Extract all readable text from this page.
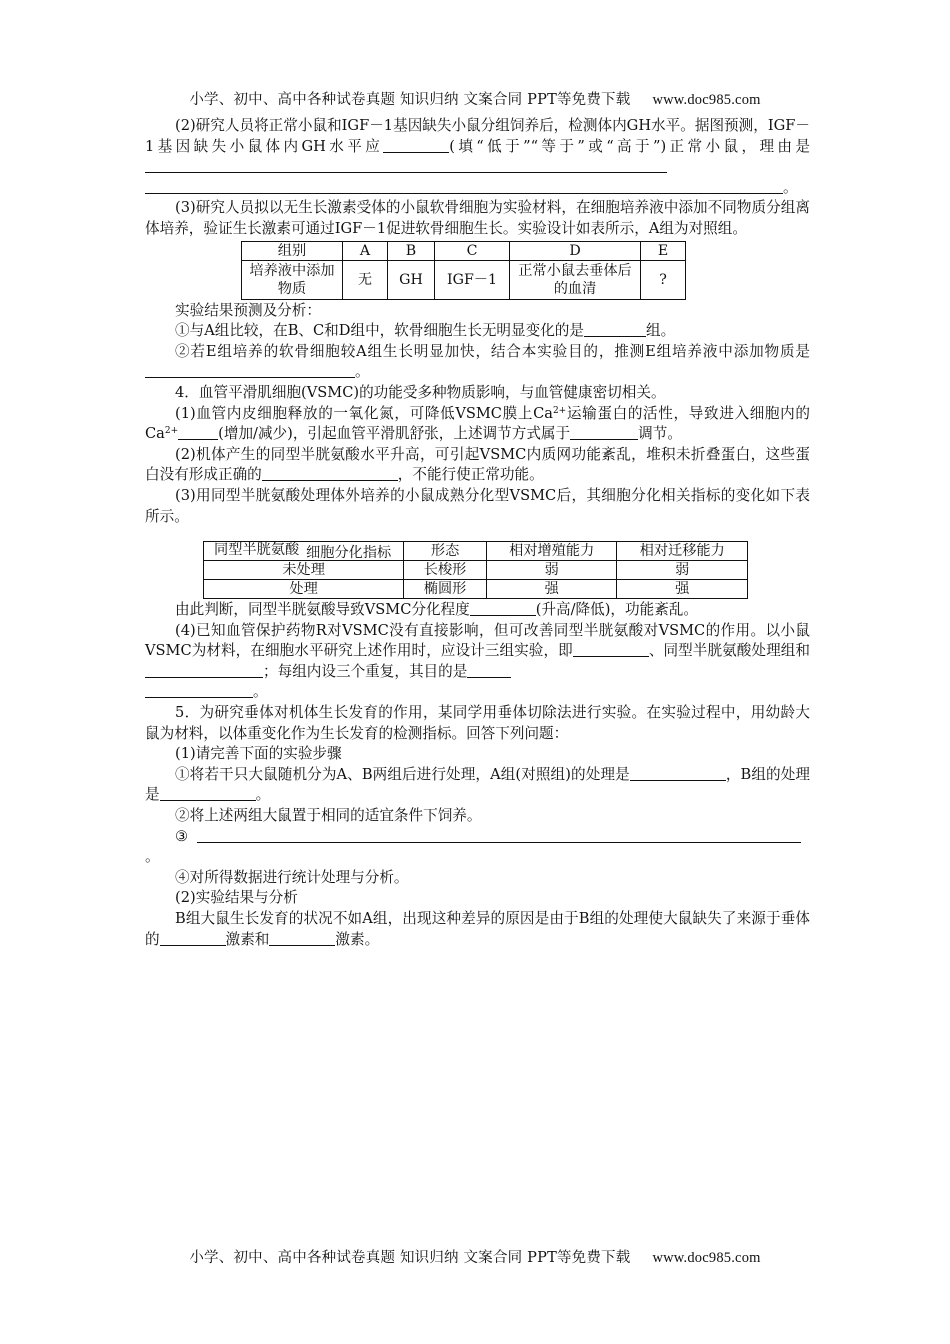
小学、初中、高中各种试卷真题 知识归纳 文案合同 PPT等免费下载 www.doc985.com

(2)研究人员将正常小鼠和IGF－1基因缺失小鼠分组饲养后，检测体内GH水平。据图预测，IGF－1基因缺失小鼠体内GH水平应	(填“低于”“等于”或“高于”)正常小鼠，理由是
。

(3)研究人员拟以无生长激素受体的小鼠软骨细胞为实验材料，在细胞培养液中添加不同物质分组离体培养，验证生长激素可通过IGF－1促进软骨细胞生长。实验设计如表所示，A组为对照组。

组别	A	B	C	D	E
培养液中添加物质	无	GH	IGF－1	正常小鼠去垂体后的血清	?

实验结果预测及分析：

①与A组比较，在B、C和D组中，软骨细胞生长无明显变化的是	组。

②若E组培养的软骨细胞较A组生长明显加快，结合本实验目的，推测E组培养液中添加物质是。

4．血管平滑肌细胞(VSMC)的功能受多种物质影响，与血管健康密切相关。

(1)血管内皮细胞释放的一氧化氮，可降低VSMC膜上$Ca^{2+}$运输蛋白的活性，导致进入细胞内的$Ca^{2+}$	(增加/减少)，引起血管平滑肌舒张，上述调节方式属于	调节。

(2)机体产生的同型半胱氨酸水平升高，可引起VSMC内质网功能紊乱，堆积未折叠蛋白，这些蛋白没有形成正确的	，不能行使正常功能。

(3)用同型半胱氨酸处理体外培养的小鼠成熟分化型VSMC后，其细胞分化相关指标的变化如下表所示。

细胞分化指标
同型半胱氨酸	形态	相对增殖能力	相对迁移能力
未处理	长梭形	弱	弱
处理	椭圆形	强	强

由此判断，同型半胱氨酸导致VSMC分化程度	(升高/降低)，功能紊乱。

(4)已知血管保护药物R对VSMC没有直接影响，但可改善同型半胱氨酸对VSMC的作用。以小鼠VSMC为材料，在细胞水平研究上述作用时，应设计三组实验，即	、同型半胱氨酸处理组和；每组内设三个重复，其目的是
。

5．为研究垂体对机体生长发育的作用，某同学用垂体切除法进行实验。在实验过程中，用幼龄大鼠为材料，以体重变化作为生长发育的检测指标。回答下列问题：

(1)请完善下面的实验步骤

①将若干只大鼠随机分为A、B两组后进行处理，A组(对照组)的处理是	，B组的处理是	。

②将上述两组大鼠置于相同的适宜条件下饲养。

③
。

④对所得数据进行统计处理与分析。

(2)实验结果与分析

B组大鼠生长发育的状况不如A组，出现这种差异的原因是由于B组的处理使大鼠缺失了来源于垂体的	激素和	激素。

小学、初中、高中各种试卷真题 知识归纳 文案合同 PPT等免费下载 www.doc985.com
